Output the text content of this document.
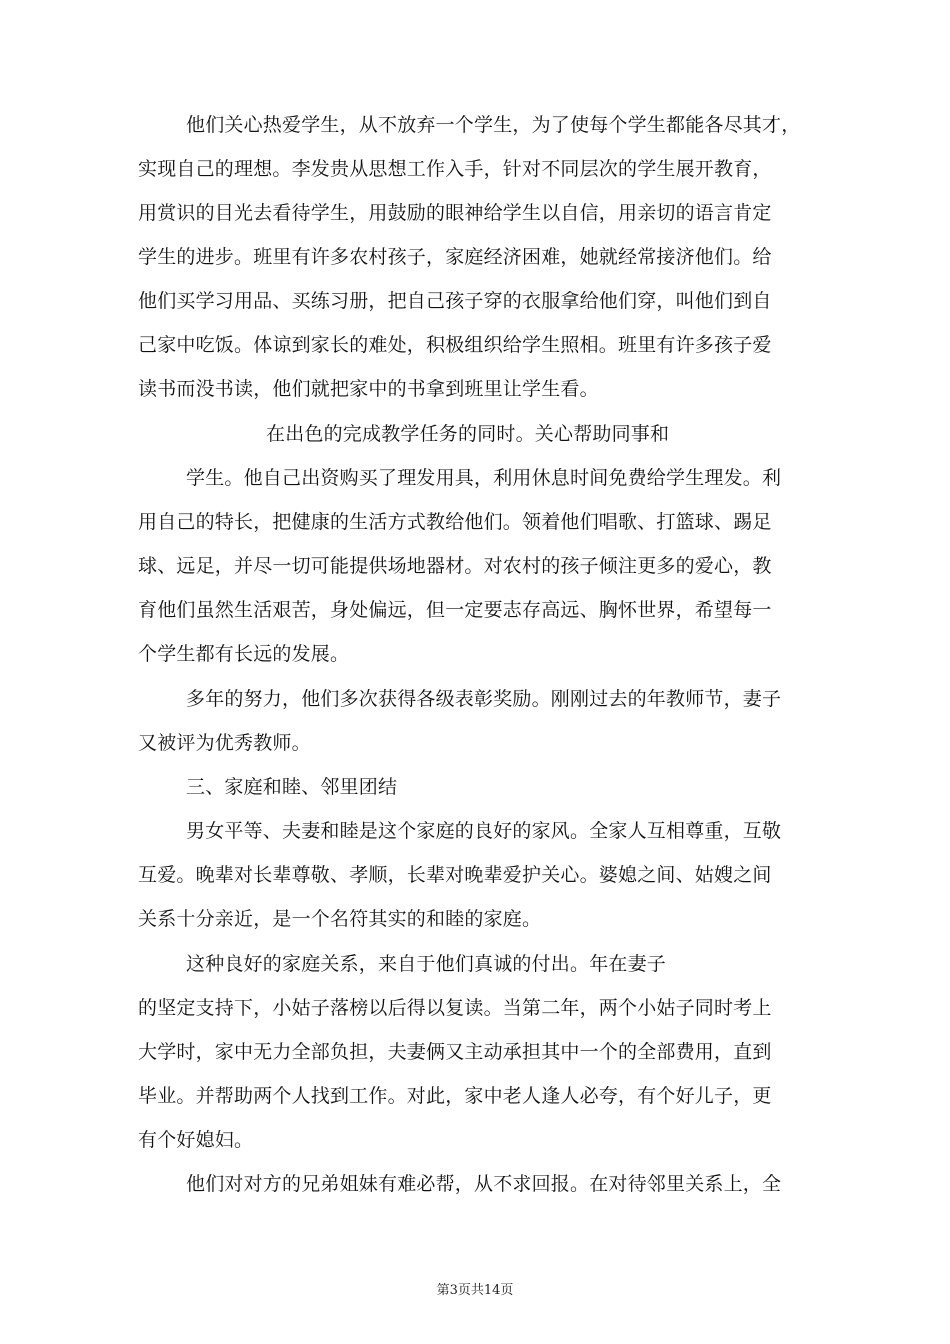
他们关心热爱学生，从不放弃一个学生，为了使每个学生都能各尽其才，
实现自己的理想。李发贵从思想工作入手，针对不同层次的学生展开教育，
用赏识的目光去看待学生，用鼓励的眼神给学生以自信，用亲切的语言肯定
学生的进步。班里有许多农村孩子，家庭经济困难，她就经常接济他们。给
他们买学习用品、买练习册，把自己孩子穿的衣服拿给他们穿，叫他们到自
己家中吃饭。体谅到家长的难处，积极组织给学生照相。班里有许多孩子爱
读书而没书读，他们就把家中的书拿到班里让学生看。
在出色的完成教学任务的同时。关心帮助同事和
学生。他自己出资购买了理发用具，利用休息时间免费给学生理发。利
用自己的特长，把健康的生活方式教给他们。领着他们唱歌、打篮球、踢足
球、远足，并尽一切可能提供场地器材。对农村的孩子倾注更多的爱心，教
育他们虽然生活艰苦，身处偏远，但一定要志存高远、胸怀世界，希望每一
个学生都有长远的发展。
多年的努力，他们多次获得各级表彰奖励。刚刚过去的年教师节，妻子
又被评为优秀教师。
三、家庭和睦、邻里团结
男女平等、夫妻和睦是这个家庭的良好的家风。全家人互相尊重，互敬
互爱。晚辈对长辈尊敬、孝顺，长辈对晚辈爱护关心。婆媳之间、姑嫂之间
关系十分亲近，是一个名符其实的和睦的家庭。
这种良好的家庭关系，来自于他们真诚的付出。年在妻子
的坚定支持下，小姑子落榜以后得以复读。当第二年，两个小姑子同时考上
大学时，家中无力全部负担，夫妻俩又主动承担其中一个的全部费用，直到
毕业。并帮助两个人找到工作。对此，家中老人逢人必夸，有个好儿子，更
有个好媳妇。
他们对对方的兄弟姐妹有难必帮，从不求回报。在对待邻里关系上，全
第3页共14页
